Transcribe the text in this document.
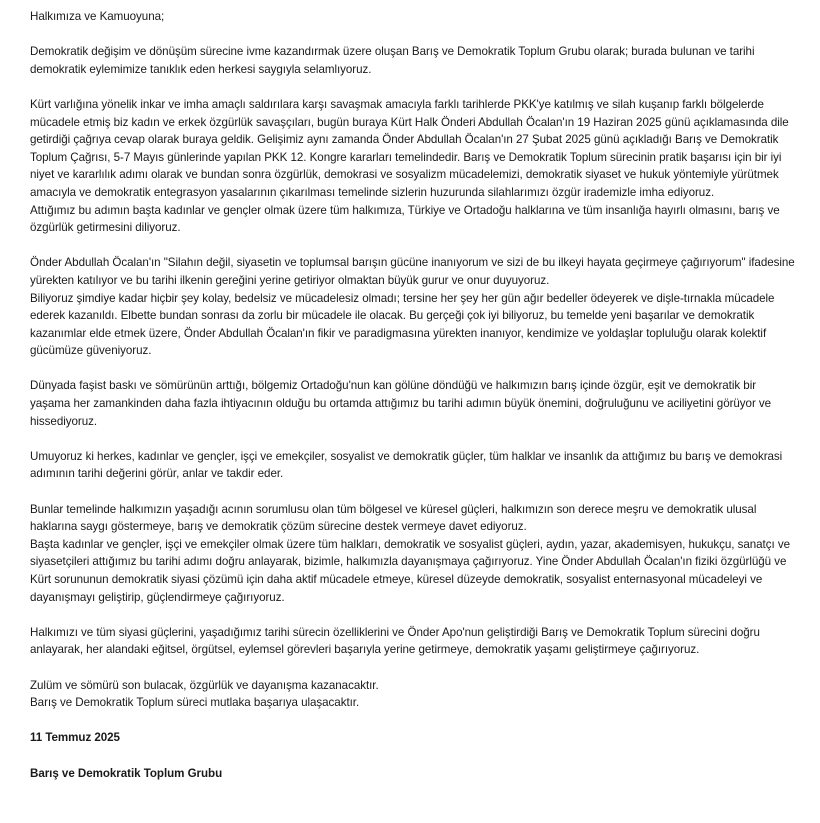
Halkımıza ve Kamuoyuna;

Demokratik değişim ve dönüşüm sürecine ivme kazandırmak üzere oluşan Barış ve Demokratik Toplum Grubu olarak; burada bulunan ve tarihi
demokratik eylemimize tanıklık eden herkesi saygıyla selamlıyoruz.

Kürt varlığına yönelik inkar ve imha amaçlı saldırılara karşı savaşmak amacıyla farklı tarihlerde PKK'ye katılmış ve silah kuşanıp farklı bölgelerde
mücadele etmiş biz kadın ve erkek özgürlük savaşçıları, bugün buraya Kürt Halk Önderi Abdullah Öcalan'ın 19 Haziran 2025 günü açıklamasında dile
getirdiği çağrıya cevap olarak buraya geldik. Gelişimiz aynı zamanda Önder Abdullah Öcalan'ın 27 Şubat 2025 günü açıkladığı Barış ve Demokratik
Toplum Çağrısı, 5-7 Mayıs günlerinde yapılan PKK 12. Kongre kararları temelindedir. Barış ve Demokratik Toplum sürecinin pratik başarısı için bir iyi
niyet ve kararlılık adımı olarak ve bundan sonra özgürlük, demokrasi ve sosyalizm mücadelemizi, demokratik siyaset ve hukuk yöntemiyle yürütmek
amacıyla ve demokratik entegrasyon yasalarının çıkarılması temelinde sizlerin huzurunda silahlarımızı özgür irademizle imha ediyoruz.
Attığımız bu adımın başta kadınlar ve gençler olmak üzere tüm halkımıza, Türkiye ve Ortadoğu halklarına ve tüm insanlığa hayırlı olmasını, barış ve
özgürlük getirmesini diliyoruz.

Önder Abdullah Öcalan'ın "Silahın değil, siyasetin ve toplumsal barışın gücüne inanıyorum ve sizi de bu ilkeyi hayata geçirmeye çağırıyorum" ifadesine
yürekten katılıyor ve bu tarihi ilkenin gereğini yerine getiriyor olmaktan büyük gurur ve onur duyuyoruz.
Biliyoruz şimdiye kadar hiçbir şey kolay, bedelsiz ve mücadelesiz olmadı; tersine her şey her gün ağır bedeller ödeyerek ve dişle-tırnakla mücadele
ederek kazanıldı. Elbette bundan sonrası da zorlu bir mücadele ile olacak. Bu gerçeği çok iyi biliyoruz, bu temelde yeni başarılar ve demokratik
kazanımlar elde etmek üzere, Önder Abdullah Öcalan'ın fikir ve paradigmasına yürekten inanıyor, kendimize ve yoldaşlar topluluğu olarak kolektif
gücümüze güveniyoruz.

Dünyada faşist baskı ve sömürünün arttığı, bölgemiz Ortadoğu'nun kan gölüne döndüğü ve halkımızın barış içinde özgür, eşit ve demokratik bir
yaşama her zamankinden daha fazla ihtiyacının olduğu bu ortamda attığımız bu tarihi adımın büyük önemini, doğruluğunu ve aciliyetini görüyor ve
hissediyoruz.

Umuyoruz ki herkes, kadınlar ve gençler, işçi ve emekçiler, sosyalist ve demokratik güçler, tüm halklar ve insanlık da attığımız bu barış ve demokrasi
adımının tarihi değerini görür, anlar ve takdir eder.

Bunlar temelinde halkımızın yaşadığı acının sorumlusu olan tüm bölgesel ve küresel güçleri, halkımızın son derece meşru ve demokratik ulusal
haklarına saygı göstermeye, barış ve demokratik çözüm sürecine destek vermeye davet ediyoruz.
Başta kadınlar ve gençler, işçi ve emekçiler olmak üzere tüm halkları, demokratik ve sosyalist güçleri, aydın, yazar, akademisyen, hukukçu, sanatçı ve
siyasetçileri attığımız bu tarihi adımı doğru anlayarak, bizimle, halkımızla dayanışmaya çağırıyoruz. Yine Önder Abdullah Öcalan'ın fiziki özgürlüğü ve
Kürt sorununun demokratik siyasi çözümü için daha aktif mücadele etmeye, küresel düzeyde demokratik, sosyalist enternasyonal mücadeleyi ve
dayanışmayı geliştirip, güçlendirmeye çağırıyoruz.

Halkımızı ve tüm siyasi güçlerini, yaşadığımız tarihi sürecin özelliklerini ve Önder Apo'nun geliştirdiği Barış ve Demokratik Toplum sürecini doğru
anlayarak, her alandaki eğitsel, örgütsel, eylemsel görevleri başarıyla yerine getirmeye, demokratik yaşamı geliştirmeye çağırıyoruz.

Zulüm ve sömürü son bulacak, özgürlük ve dayanışma kazanacaktır.
Barış ve Demokratik Toplum süreci mutlaka başarıya ulaşacaktır.

11 Temmuz 2025

Barış ve Demokratik Toplum Grubu
